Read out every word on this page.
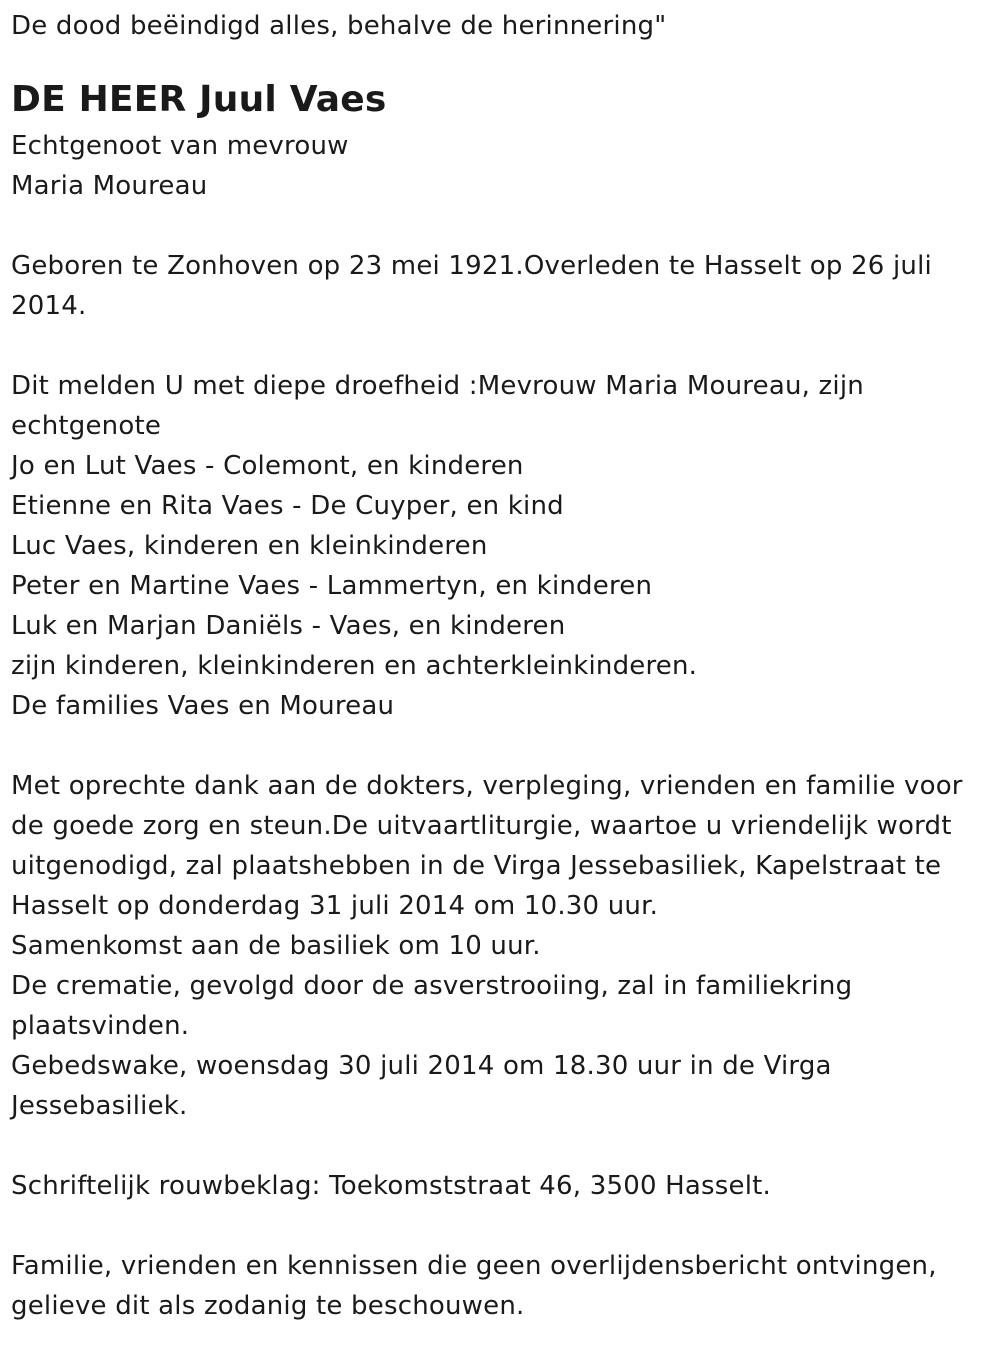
De dood beëindigd alles, behalve de herinnering"
DE HEER Juul Vaes
Echtgenoot van mevrouw
Maria Moureau
Geboren te Zonhoven op 23 mei 1921.Overleden te Hasselt op 26 juli
2014.
Dit melden U met diepe droefheid :Mevrouw Maria Moureau, zijn
echtgenote
Jo en Lut Vaes - Colemont, en kinderen
Etienne en Rita Vaes - De Cuyper, en kind
Luc Vaes, kinderen en kleinkinderen
Peter en Martine Vaes - Lammertyn, en kinderen
Luk en Marjan Daniëls - Vaes, en kinderen
zijn kinderen, kleinkinderen en achterkleinkinderen.
De families Vaes en Moureau
Met oprechte dank aan de dokters, verpleging, vrienden en familie voor
de goede zorg en steun.De uitvaartliturgie, waartoe u vriendelijk wordt
uitgenodigd, zal plaatshebben in de Virga Jessebasiliek, Kapelstraat te
Hasselt op donderdag 31 juli 2014 om 10.30 uur.
Samenkomst aan de basiliek om 10 uur.
De crematie, gevolgd door de asverstrooiing, zal in familiekring
plaatsvinden.
Gebedswake, woensdag 30 juli 2014 om 18.30 uur in de Virga
Jessebasiliek.
Schriftelijk rouwbeklag: Toekomststraat 46, 3500 Hasselt.
Familie, vrienden en kennissen die geen overlijdensbericht ontvingen,
gelieve dit als zodanig te beschouwen.
